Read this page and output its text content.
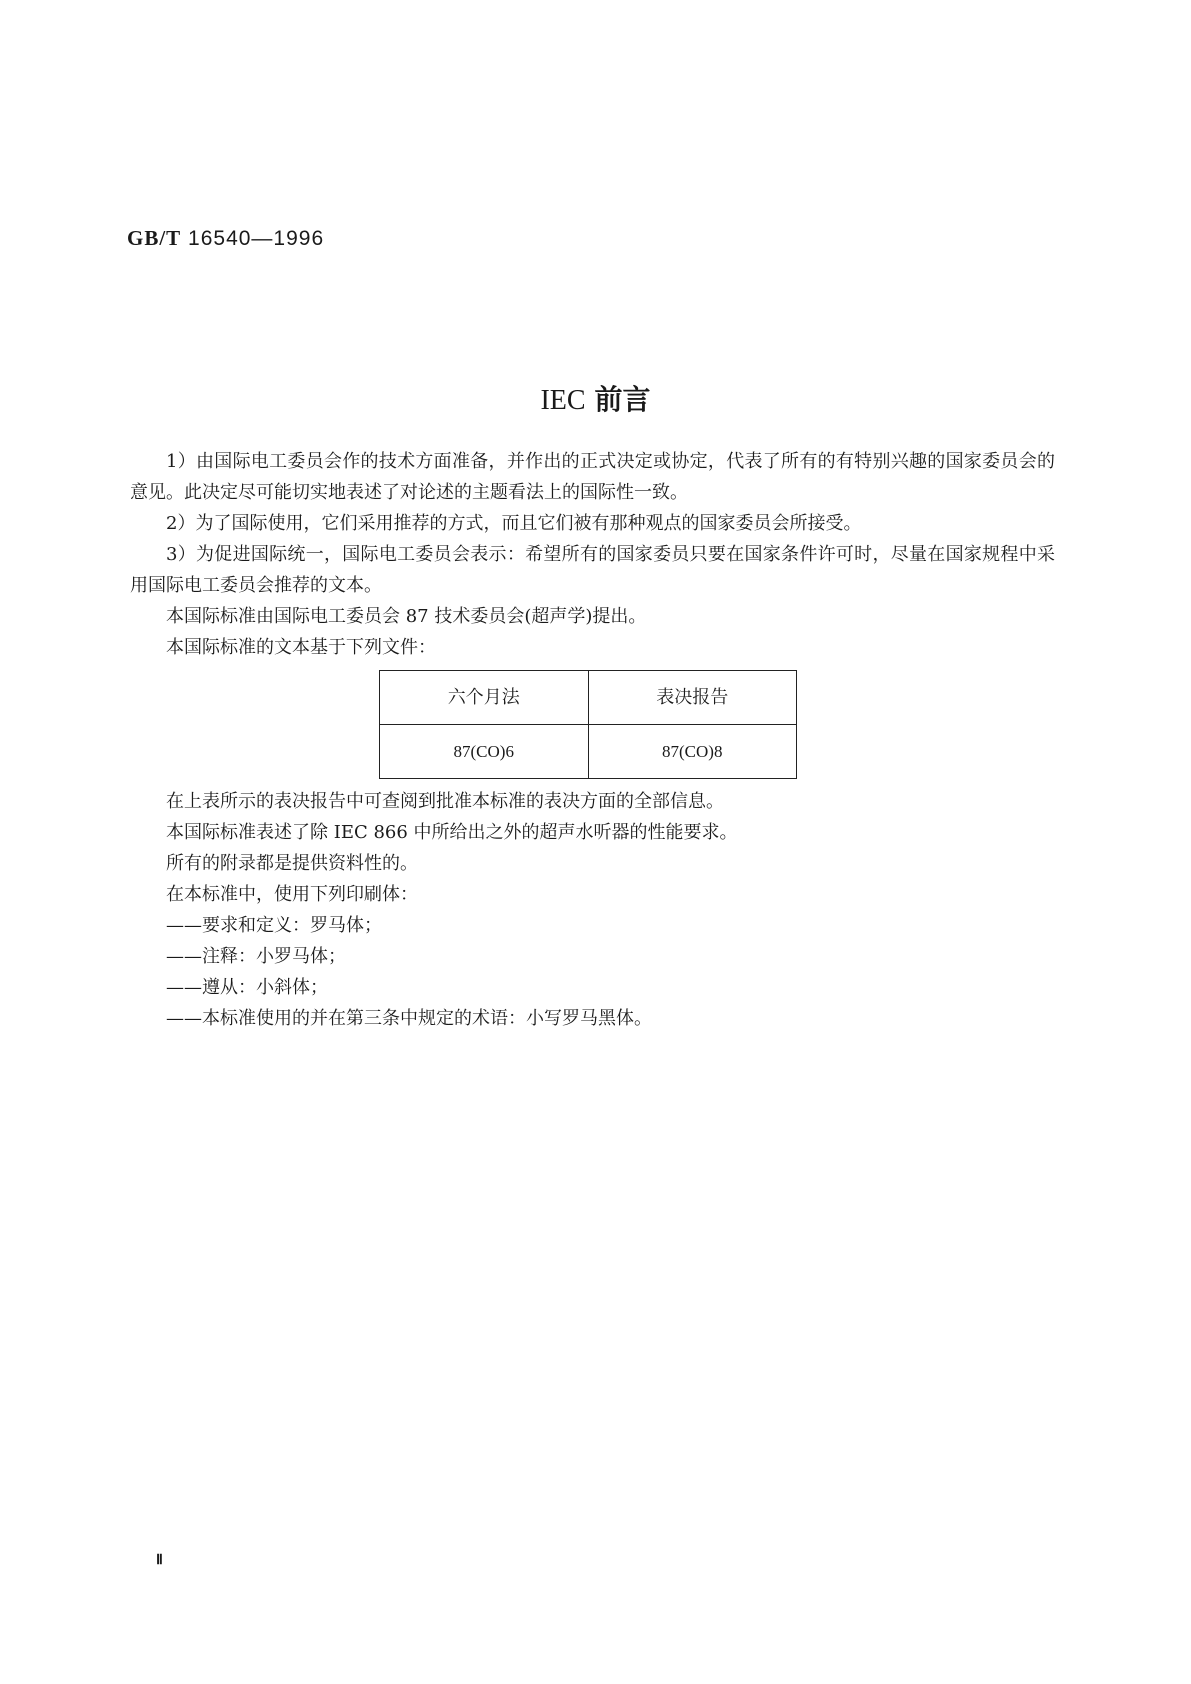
GB/T 16540—1996
IEC 前言

1）由国际电工委员会作的技术方面准备，并作出的正式决定或协定，代表了所有的有特别兴趣的国家委员会的意见。此决定尽可能切实地表述了对论述的主题看法上的国际性一致。

2）为了国际使用，它们采用推荐的方式，而且它们被有那种观点的国家委员会所接受。

3）为促进国际统一，国际电工委员会表示：希望所有的国家委员只要在国家条件许可时，尽量在国家规程中采用国际电工委员会推荐的文本。

本国际标准由国际电工委员会 87 技术委员会(超声学)提出。

本国际标准的文本基于下列文件：

六个月法	表决报告
87(CO)6	87(CO)8

在上表所示的表决报告中可查阅到批准本标准的表决方面的全部信息。

本国际标准表述了除 IEC 866 中所给出之外的超声水听器的性能要求。

所有的附录都是提供资料性的。

在本标准中，使用下列印刷体：

——要求和定义：罗马体；

——注释：小罗马体；

——遵从：小斜体；

——本标准使用的并在第三条中规定的术语：小写罗马黑体。

Ⅱ
